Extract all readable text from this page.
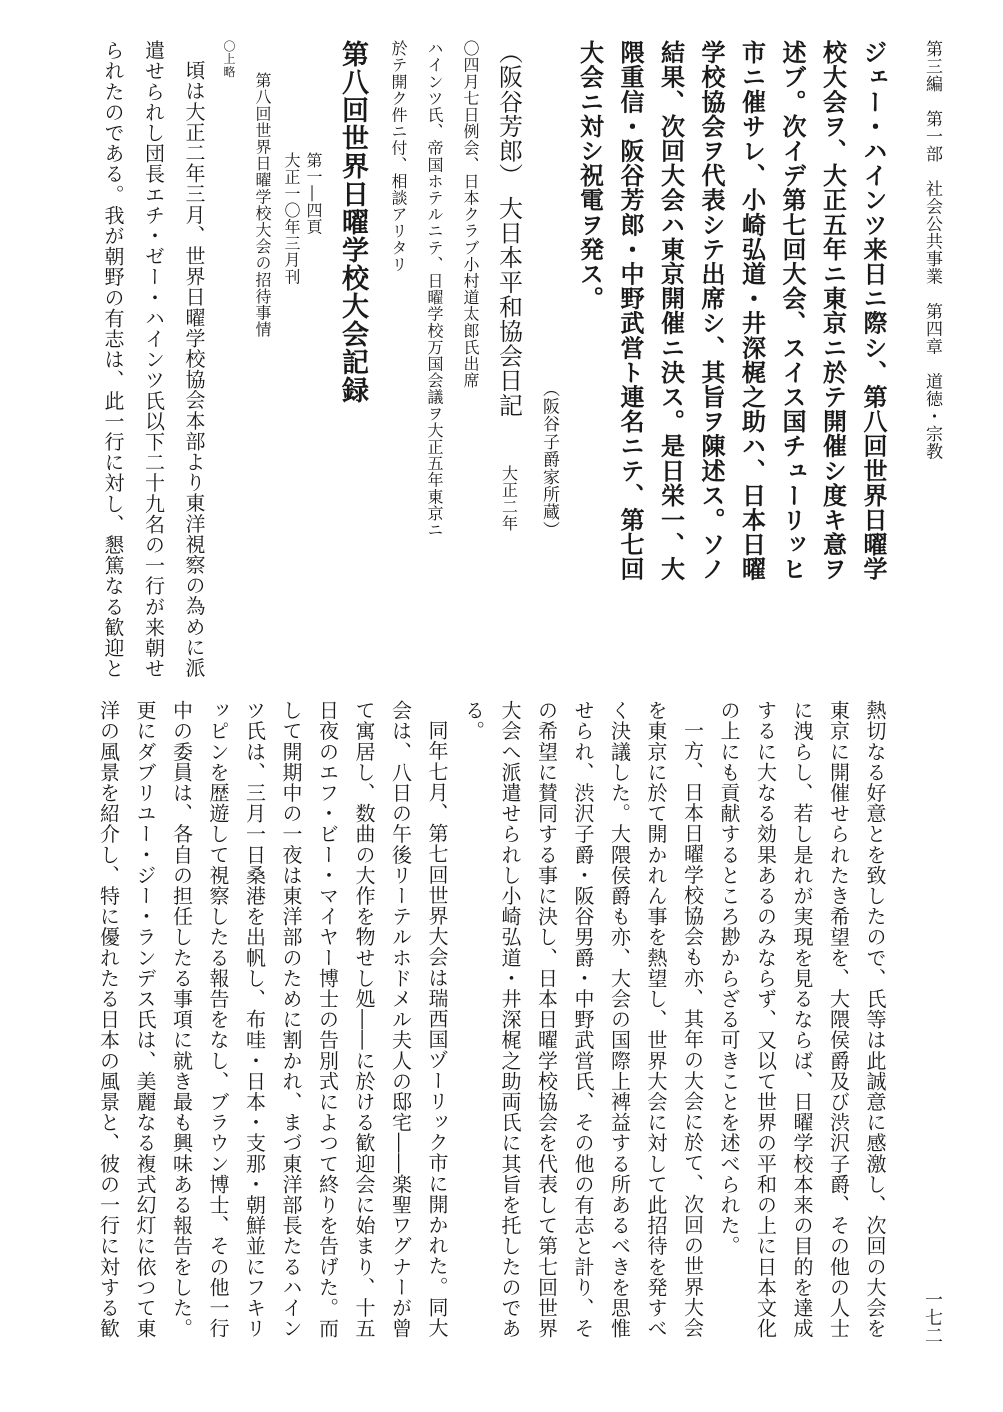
第三編　第一部　社会公共事業　第四章　道徳・宗教
一七二

ジェー・ハインツ来日ニ際シ、第八回世界日曜学

校大会ヲ、大正五年ニ東京ニ於テ開催シ度キ意ヲ

述ブ。次イデ第七回大会、スイス国チューリッヒ

市ニ催サレ、小崎弘道・井深梶之助ハ、日本日曜

学校協会ヲ代表シテ出席シ、其旨ヲ陳述ス。ソノ

結果、次回大会ハ東京開催ニ決ス。是日栄一、大

隈重信・阪谷芳郎・中野武営ト連名ニテ、第七回

大会ニ対シ祝電ヲ発ス。

（阪谷子爵家所蔵）

（阪谷芳郎） 大日本平和協会日記 大正二年

〇四月七日例会、日本クラブ小村道太郎氏出席

ハインツ氏、帝国ホテルニテ、日曜学校万国会議ヲ大正五年東京ニ

於テ開ク件ニ付、相談アリタリ

第八回世界日曜学校大会記録

第一―四頁

大正一〇年三月刊

第八回世界日曜学校大会の招待事情

〇上略

頃は大正二年三月、世界日曜学校協会本部より東洋視察の為めに派

遣せられし団長エチ・ゼー・ハインツ氏以下二十九名の一行が来朝せ

られたのである。我が朝野の有志は、此一行に対し、懇篤なる歓迎と

熱切なる好意とを致したので、氏等は此誠意に感激し、次回の大会を

東京に開催せられたき希望を、大隈侯爵及び渋沢子爵、その他の人士

に洩らし、若し是れが実現を見るならば、日曜学校本来の目的を達成

するに大なる効果あるのみならず、又以て世界の平和の上に日本文化

の上にも貢献するところ尠からざる可きことを述べられた。

一方、日本日曜学校協会も亦、其年の大会に於て、次回の世界大会

を東京に於て開かれん事を熱望し、世界大会に対して此招待を発すべ

く決議した。大隈侯爵も亦、大会の国際上裨益する所あるべきを思惟

せられ、渋沢子爵・阪谷男爵・中野武営氏、その他の有志と計り、そ

の希望に賛同する事に決し、日本日曜学校協会を代表して第七回世界

大会へ派遣せられし小崎弘道・井深梶之助両氏に其旨を托したのであ

る。

同年七月、第七回世界大会は瑞西国ヅーリック市に開かれた。同大

会は、八日の午後リーテルホドメル夫人の邸宅――楽聖ワグナーが曾

て寓居し、数曲の大作を物せし処――に於ける歓迎会に始まり、十五

日夜のエフ・ビー・マイヤー博士の告別式によつて終りを告げた。而

して開期中の一夜は東洋部のために割かれ、まづ東洋部長たるハイン

ツ氏は、三月一日桑港を出帆し、布哇・日本・支那・朝鮮並にフキリ

ッピンを歴遊して視察したる報告をなし、ブラウン博士、その他一行

中の委員は、各自の担任したる事項に就き最も興味ある報告をした。

更にダブリユー・ジー・ランデス氏は、美麗なる複式幻灯に依つて東

洋の風景を紹介し、特に優れたる日本の風景と、彼の一行に対する歓
